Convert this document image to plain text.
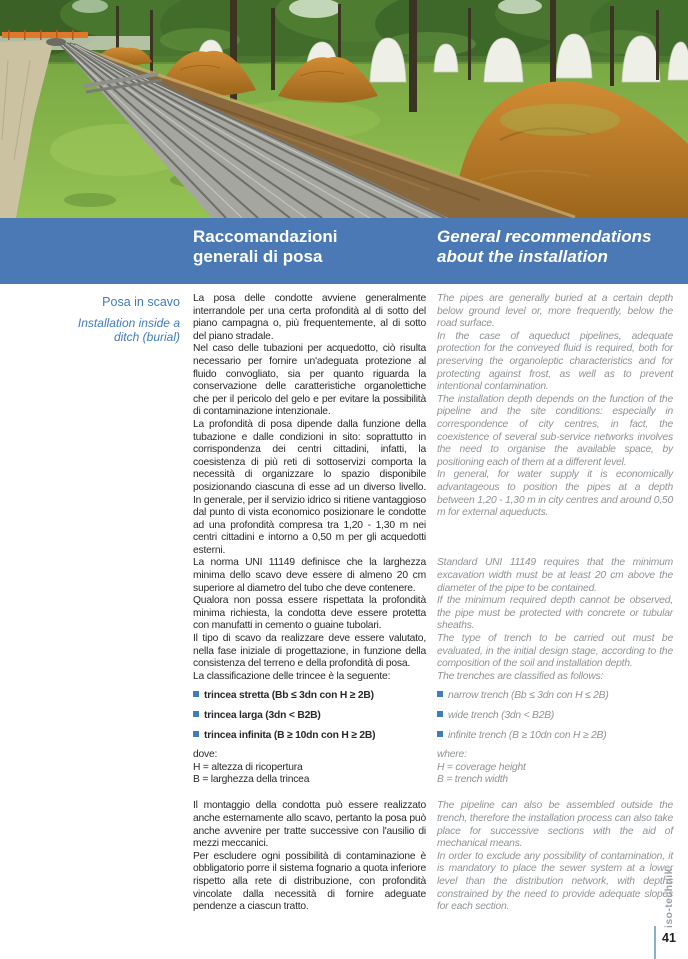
Raccomandazioni generali di posa
General recommendations about the installation
Posa in scavo
Installation inside a ditch (burial)

La posa delle condotte avviene generalmente interrandole per una certa profondità al di sotto del piano campagna o, più frequentemente, al di sotto del piano stradale.

Nel caso delle tubazioni per acquedotto, ciò risulta necessario per fornire un'adeguata protezione al fluido convogliato, sia per quanto riguarda la conservazione delle caratteristiche organolettiche che per il pericolo del gelo e per evitare la possibilità di contaminazione intenzionale.

La profondità di posa dipende dalla funzione della tubazione e dalle condizioni in sito: soprattutto in corrispondenza dei centri cittadini, infatti, la coesistenza di più reti di sottoservizi comporta la necessità di organizzare lo spazio disponibile posizionando ciascuna di esse ad un diverso livello. In generale, per il servizio idrico si ritiene vantaggioso dal punto di vista economico posizionare le condotte ad una profondità compresa tra 1,20 - 1,30 m nei centri cittadini e intorno a 0,50 m per gli acquedotti esterni.

The pipes are generally buried at a certain depth below ground level or, more frequently, below the road surface.

In the case of aqueduct pipelines, adequate protection for the conveyed fluid is required, both for preserving the organoleptic characteristics and for protecting against frost, as well as to prevent intentional contamination.

The installation depth depends on the function of the pipeline and the site conditions: especially in correspondence of city centres, in fact, the coexistence of several sub-service networks involves the need to organise the available space, by positioning each of them at a different level.

In general, for water supply it is economically advantageous to position the pipes at a depth between 1,20 - 1,30 m in city centres and around 0,50 m for external aqueducts.

La norma UNI 11149 definisce che la larghezza minima dello scavo deve essere di almeno 20 cm superiore al diametro del tubo che deve contenere.

Qualora non possa essere rispettata la profondità minima richiesta, la condotta deve essere protetta con manufatti in cemento o guaine tubolari.

Il tipo di scavo da realizzare deve essere valutato, nella fase iniziale di progettazione, in funzione della consistenza del terreno e della profondità di posa.

La classificazione delle trincee è la seguente:

trincea stretta (Bb ≤ 3dn con H ≥ 2B)
trincea larga (3dn < B2B)
trincea infinita (B ≥ 10dn con H ≥ 2B)

dove:

H = altezza di ricopertura

B = larghezza della trincea

Standard UNI 11149 requires that the minimum excavation width must be at least 20 cm above the diameter of the pipe to be contained.

If the minimum required depth cannot be observed, the pipe must be protected with concrete or tubular sheaths.

The type of trench to be carried out must be evaluated, in the initial design stage, according to the composition of the soil and installation depth.

The trenches are classified as follows:

narrow trench (Bb ≤ 3dn con H ≤ 2B)
wide trench (3dn < B2B)
infinite trench (B ≥ 10dn con H ≥ 2B)

where:

H = coverage height

B = trench width

Il montaggio della condotta può essere realizzato anche esternamente allo scavo, pertanto la posa può anche avvenire per tratte successive con l'ausilio di mezzi meccanici.

Per escludere ogni possibilità di contaminazione è obbligatorio porre il sistema fognario a quota inferiore rispetto alla rete di distribuzione, con profondità vincolate dalla necessità di fornire adeguate pendenze a ciascun tratto.

The pipeline can also be assembled outside the trench, therefore the installation process can also take place for successive sections with the aid of mechanical means.

In order to exclude any possibility of contamination, it is mandatory to place the sewer system at a lower level than the distribution network, with depths constrained by the need to provide adequate slopes for each section.	iso-technik
41
